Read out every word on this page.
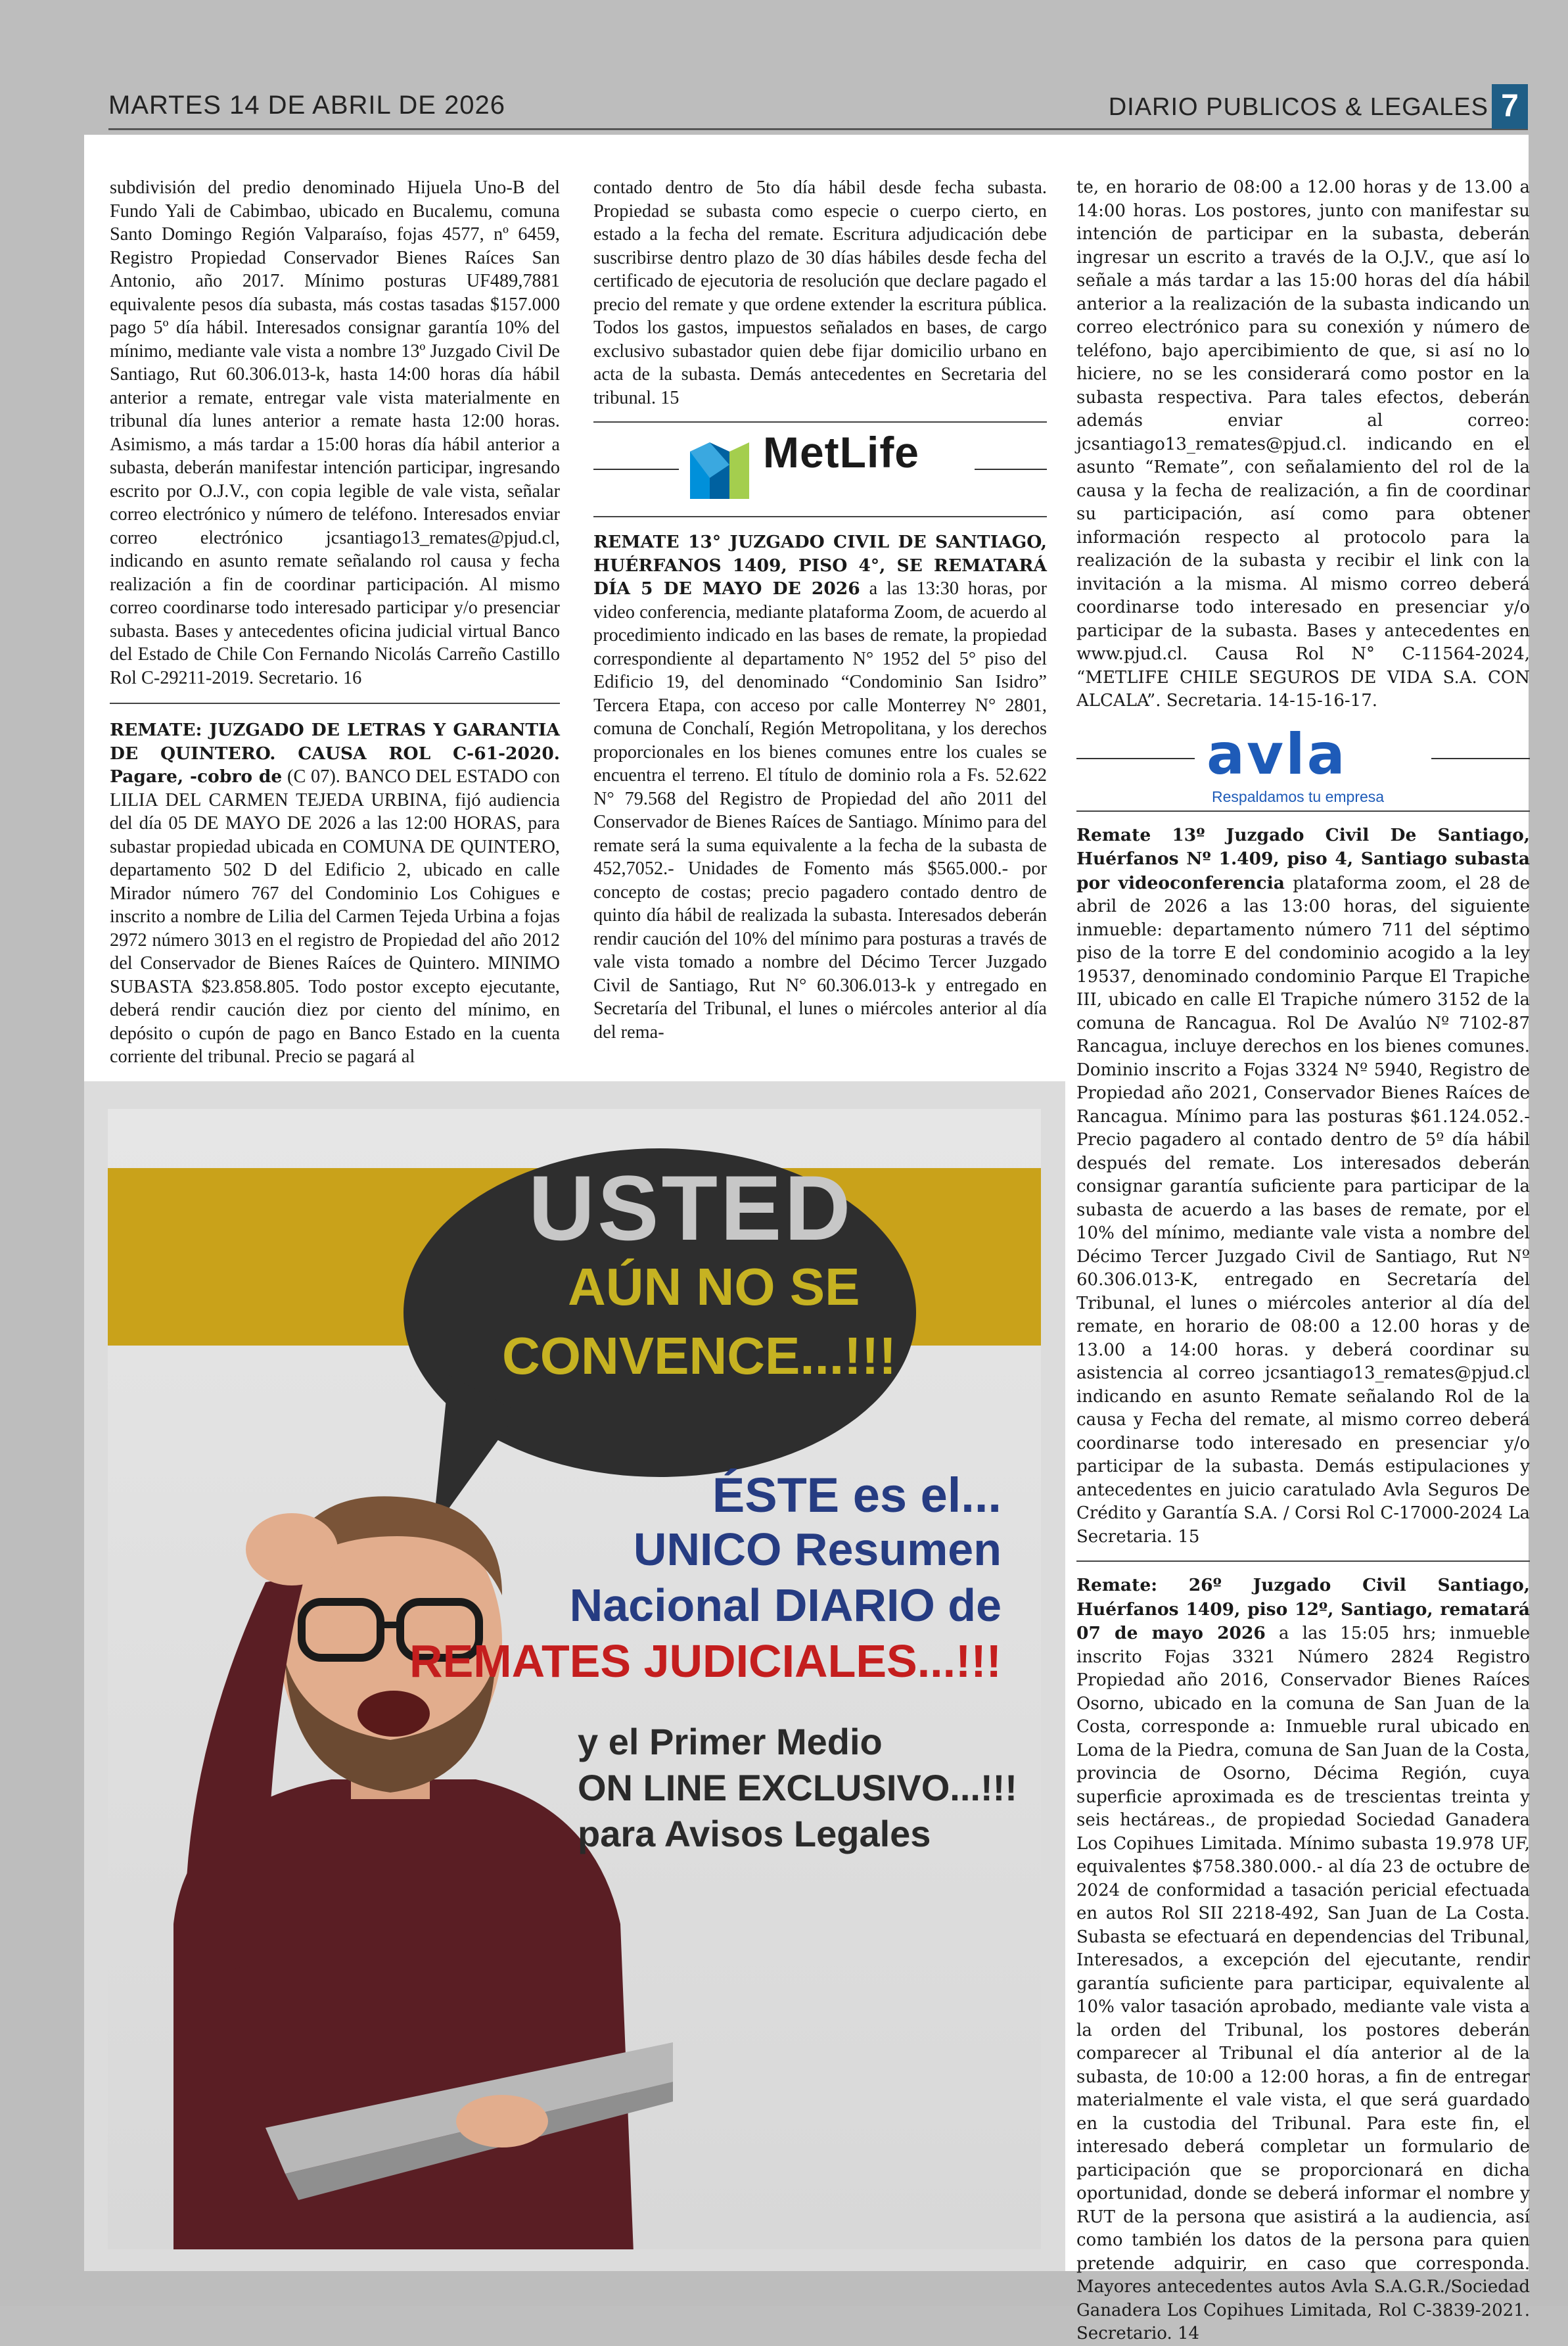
MARTES 14 DE ABRIL DE 2026	DIARIO PUBLICOS & LEGALES 7

subdivisión del predio denominado Hijuela Uno-B del Fundo Yali de Cabimbao, ubicado en Bucalemu, comuna Santo Domingo Región Valparaíso, fojas 4577, nº 6459, Registro Propiedad Conservador Bienes Raíces San Antonio, año 2017. Mínimo posturas UF489,7881 equivalente pesos día subasta, más costas tasadas $157.000 pago 5º día hábil. Interesados consignar garantía 10% del mínimo, mediante vale vista a nombre 13º Juzgado Civil De Santiago, Rut 60.306.013-k, hasta 14:00 horas día hábil anterior a remate, entregar vale vista materialmente en tribunal día lunes anterior a remate hasta 12:00 horas. Asimismo, a más tardar a 15:00 horas día hábil anterior a subasta, deberán manifestar intención participar, ingresando escrito por O.J.V., con copia legible de vale vista, señalar correo electrónico y número de teléfono. Interesados enviar correo electrónico jcsantiago13_remates@pjud.cl, indicando en asunto remate señalando rol causa y fecha realización a fin de coordinar participación. Al mismo correo coordinarse todo interesado participar y/o presenciar subasta. Bases y antecedentes oficina judicial virtual Banco del Estado de Chile Con Fernando Nicolás Carreño Castillo Rol C-29211-2019. Secretario. 16

REMATE: JUZGADO DE LETRAS Y GARANTIA DE QUINTERO. CAUSA ROL C-61-2020. Pagare, -cobro de (C 07). BANCO DEL ESTADO con LILIA DEL CARMEN TEJEDA URBINA, fijó audiencia del día 05 DE MAYO DE 2026 a las 12:00 HORAS, para subastar propiedad ubicada en COMUNA DE QUINTERO, departamento 502 D del Edificio 2, ubicado en calle Mirador número 767 del Condominio Los Cohigues e inscrito a nombre de Lilia del Carmen Tejeda Urbina a fojas 2972 número 3013 en el registro de Propiedad del año 2012 del Conservador de Bienes Raíces de Quintero. MINIMO SUBASTA $23.858.805. Todo postor excepto ejecutante, deberá rendir caución diez por ciento del mínimo, en depósito o cupón de pago en Banco Estado en la cuenta corriente del tribunal. Precio se pagará al

contado dentro de 5to día hábil desde fecha subasta. Propiedad se subasta como especie o cuerpo cierto, en estado a la fecha del remate. Escritura adjudicación debe suscribirse dentro plazo de 30 días hábiles desde fecha del certificado de ejecutoria de resolución que declare pagado el precio del remate y que ordene extender la escritura pública. Todos los gastos, impuestos señalados en bases, de cargo exclusivo subastador quien debe fijar domicilio urbano en acta de la subasta. Demás antecedentes en Secretaria del tribunal. 15

MetLife

REMATE 13° JUZGADO CIVIL DE SANTIAGO, HUÉRFANOS 1409, PISO 4°, SE REMATARÁ DÍA 5 DE MAYO DE 2026 a las 13:30 horas, por video conferencia, mediante plataforma Zoom, de acuerdo al procedimiento indicado en las bases de remate, la propiedad correspondiente al departamento N° 1952 del 5° piso del Edificio 19, del denominado “Condominio San Isidro” Tercera Etapa, con acceso por calle Monterrey N° 2801, comuna de Conchalí, Región Metropolitana, y los derechos proporcionales en los bienes comunes entre los cuales se encuentra el terreno. El título de dominio rola a Fs. 52.622 N° 79.568 del Registro de Propiedad del año 2011 del Conservador de Bienes Raíces de Santiago. Mínimo para del remate será la suma equivalente a la fecha de la subasta de 452,7052.- Unidades de Fomento más $565.000.- por concepto de costas; precio pagadero contado dentro de quinto día hábil de realizada la subasta. Interesados deberán rendir caución del 10% del mínimo para posturas a través de vale vista tomado a nombre del Décimo Tercer Juzgado Civil de Santiago, Rut N° 60.306.013-k y entregado en Secretaría del Tribunal, el lunes o miércoles anterior al día del rema-

te, en horario de 08:00 a 12.00 horas y de 13.00 a 14:00 horas. Los postores, junto con manifestar su intención de participar en la subasta, deberán ingresar un escrito a través de la O.J.V., que así lo señale a más tardar a las 15:00 horas del día hábil anterior a la realización de la subasta indicando un correo electrónico para su conexión y número de teléfono, bajo apercibimiento de que, si así no lo hiciere, no se les considerará como postor en la subasta respectiva. Para tales efectos, deberán además enviar al correo: jcsantiago13_remates@pjud.cl. indicando en el asunto “Remate”, con señalamiento del rol de la causa y la fecha de realización, a fin de coordinar su participación, así como para obtener información respecto al protocolo para la realización de la subasta y recibir el link con la invitación a la misma. Al mismo correo deberá coordinarse todo interesado en presenciar y/o participar de la subasta. Bases y antecedentes en www.pjud.cl. Causa Rol N° C-11564-2024, “METLIFE CHILE SEGUROS DE VIDA S.A. CON ALCALA”. Secretaria. 14-15-16-17.

avla
Respaldamos tu empresa

Remate 13º Juzgado Civil De Santiago, Huérfanos Nº 1.409, piso 4, Santiago subasta por videoconferencia plataforma zoom, el 28 de abril de 2026 a las 13:00 horas, del siguiente inmueble: departamento número 711 del séptimo piso de la torre E del condominio acogido a la ley 19537, denominado condominio Parque El Trapiche III, ubicado en calle El Trapiche número 3152 de la comuna de Rancagua. Rol De Avalúo Nº 7102-87 Rancagua, incluye derechos en los bienes comunes. Dominio inscrito a Fojas 3324 Nº 5940, Registro de Propiedad año 2021, Conservador Bienes Raíces de Rancagua. Mínimo para las posturas $61.124.052.- Precio pagadero al contado dentro de 5º día hábil después del remate. Los interesados deberán consignar garantía suficiente para participar de la subasta de acuerdo a las bases de remate, por el 10% del mínimo, mediante vale vista a nombre del Décimo Tercer Juzgado Civil de Santiago, Rut Nº 60.306.013-K, entregado en Secretaría del Tribunal, el lunes o miércoles anterior al día del remate, en horario de 08:00 a 12.00 horas y de 13.00 a 14:00 horas. y deberá coordinar su asistencia al correo jcsantiago13_remates@pjud.cl indicando en asunto Remate señalando Rol de la causa y Fecha del remate, al mismo correo deberá coordinarse todo interesado en presenciar y/o participar de la subasta. Demás estipulaciones y antecedentes en juicio caratulado Avla Seguros De Crédito y Garantía S.A. / Corsi Rol C-17000-2024 La Secretaria. 15

Remate: 26º Juzgado Civil Santiago, Huérfanos 1409, piso 12º, Santiago, rematará 07 de mayo 2026 a las 15:05 hrs; inmueble inscrito Fojas 3321 Número 2824 Registro Propiedad año 2016, Conservador Bienes Raíces Osorno, ubicado en la comuna de San Juan de la Costa, corresponde a: Inmueble rural ubicado en Loma de la Piedra, comuna de San Juan de la Costa, provincia de Osorno, Décima Región, cuya superficie aproximada es de trescientas treinta y seis hectáreas., de propiedad Sociedad Ganadera Los Copihues Limitada. Mínimo subasta 19.978 UF, equivalentes $758.380.000.- al día 23 de octubre de 2024 de conformidad a tasación pericial efectuada en autos Rol SII 2218-492, San Juan de La Costa. Subasta se efectuará en dependencias del Tribunal, Interesados, a excepción del ejecutante, rendir garantía suficiente para participar, equivalente al 10% valor tasación aprobado, mediante vale vista a la orden del Tribunal, los postores deberán comparecer al Tribunal el día anterior al de la subasta, de 10:00 a 12:00 horas, a fin de entregar materialmente el vale vista, el que será guardado en la custodia del Tribunal. Para este fin, el interesado deberá completar un formulario de participación que se proporcionará en dicha oportunidad, donde se deberá informar el nombre y RUT de la persona que asistirá a la audiencia, así como también los datos de la persona para quien pretende adquirir, en caso que corresponda. Mayores antecedentes autos Avla S.A.G.R./Sociedad Ganadera Los Copihues Limitada, Rol C-3839-2021. Secretario. 14

USTED
AÚN NO SE
CONVENCE...!!!
ÉSTE es el...
UNICO Resumen
Nacional DIARIO de
REMATES JUDICIALES...!!!
y el Primer Medio
ON LINE EXCLUSIVO...!!!
para Avisos Legales
